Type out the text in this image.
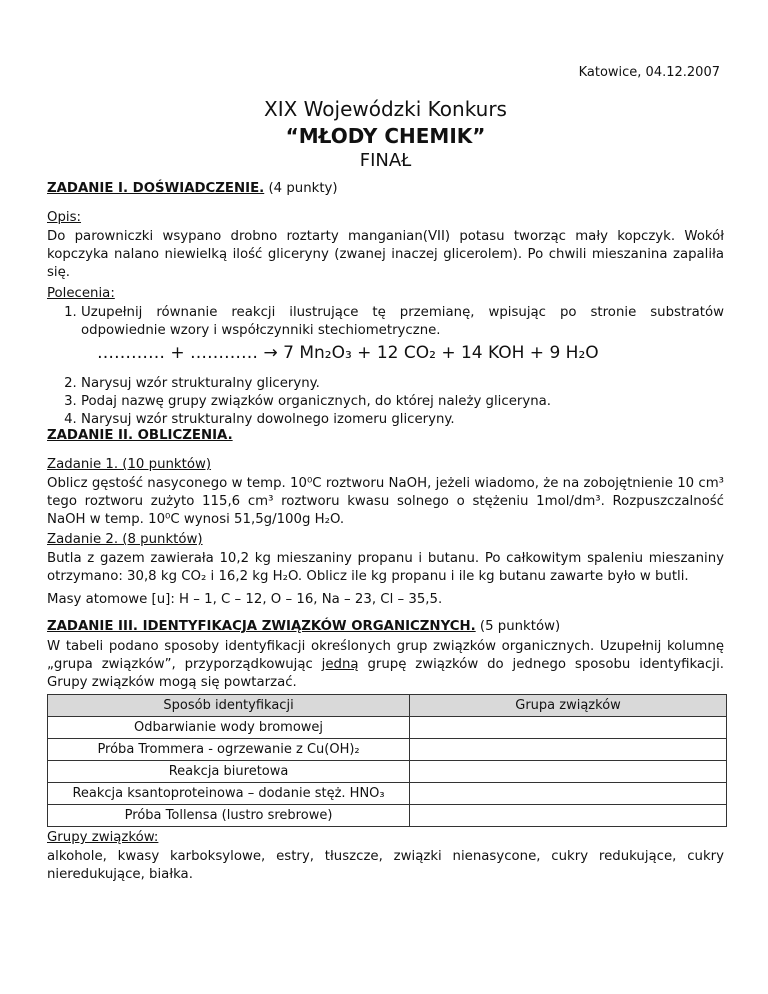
Katowice, 04.12.2007
XIX Wojewódzki Konkurs
“MŁODY CHEMIK”
FINAŁ
ZADANIE I. DOŚWIADCZENIE. (4 punkty)
Opis:
Do parowniczki wsypano drobno roztarty manganian(VII) potasu tworząc mały kopczyk. Wokół kopczyka nalano niewielką ilość gliceryny (zwanej inaczej glicerolem). Po chwili mieszanina zapaliła się.
Polecenia:
1. Uzupełnij równanie reakcji ilustrujące tę przemianę, wpisując po stronie substratów odpowiednie wzory i współczynniki stechiometryczne.
………… + ………… → 7 Mn₂O₃ + 12 CO₂ + 14 KOH + 9 H₂O
2. Narysuj wzór strukturalny gliceryny.
3. Podaj nazwę grupy związków organicznych, do której należy gliceryna.
4. Narysuj wzór strukturalny dowolnego izomeru gliceryny.
ZADANIE II. OBLICZENIA.
Zadanie 1. (10 punktów)
Oblicz gęstość nasyconego w temp. 10⁰C roztworu NaOH, jeżeli wiadomo, że na zobojętnienie 10 cm³ tego roztworu zużyto 115,6 cm³ roztworu kwasu solnego o stężeniu 1mol/dm³. Rozpuszczalność NaOH w temp. 10⁰C wynosi 51,5g/100g H₂O.
Zadanie 2. (8 punktów)
Butla z gazem zawierała 10,2 kg mieszaniny propanu i butanu. Po całkowitym spaleniu mieszaniny otrzymano: 30,8 kg CO₂ i 16,2 kg H₂O. Oblicz ile kg propanu i ile kg butanu zawarte było w butli.
Masy atomowe [u]: H – 1, C – 12, O – 16, Na – 23, Cl – 35,5.
ZADANIE III. IDENTYFIKACJA ZWIĄZKÓW ORGANICZNYCH. (5 punktów)
W tabeli podano sposoby identyfikacji określonych grup związków organicznych. Uzupełnij kolumnę „grupa związków”, przyporządkowując jedną grupę związków do jednego sposobu identyfikacji. Grupy związków mogą się powtarzać.
Sposób identyfikacji	Grupa związków
Odbarwianie wody bromowej	
Próba Trommera - ogrzewanie z Cu(OH)₂	
Reakcja biuretowa	
Reakcja ksantoproteinowa – dodanie stęż. HNO₃	
Próba Tollensa (lustro srebrowe)	
Grupy związków:
alkohole, kwasy karboksylowe, estry, tłuszcze, związki nienasycone, cukry redukujące, cukry nieredukujące, białka.
